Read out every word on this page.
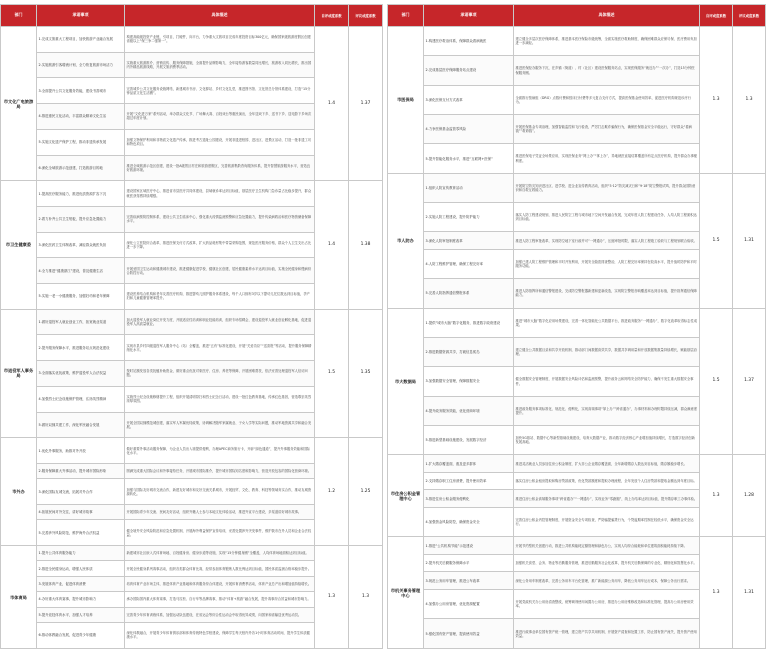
部门	承诺事项	具体描述	自评或度系数	评议或度系数
市文化广电旅游局	1.完成文旅重大工程项目，加快旅游产业融合发展	构建高能级投资产业链，引项目，打硬件，向平台，力争重大文旅项目完成年度投资目标300亿元，确保国家级旅游度假区创建省级以上“保三争二强第一”。	1.4	1.37
	2.实施旅游引客增流计划，全力恢复旅游市场活力	实施重大旅游推介、营销宣传、服务保障措施，全面提升品牌影响力，全年接待游客数量同比增长，旅游收入同比增长，推出国内外精品旅游线路，开展文旅消费季活动。		
	3.全面提升公共文化服务效能，建设书香城市	完善城乡公共文化服务设施网络，新建城市书房、文化驿站、乡村文化礼堂，推进图书馆、文化馆总分馆体系建设，打造“15分钟品质文化生活圈”。		
	4.推进惠民文化活动，丰富群众精神文化生活	开展“文化进万家”系列活动，举办群众文化节、广场舞大赛、百姓戏台等惠民演出，全年送戏下乡、送书下乡、送电影下乡场次超过年度计划。		
	5.实施文化遗产保护工程，推动非遗传承发展	加强文物保护利用和非物质文化遗产传承，推进考古遗址公园建设，开展非遗进校园、进社区、进景区活动，打造一批非遗工坊和特色项目。		
	6.深化全域旅游示范创建，打造旅游目的地	推进全域旅游示范区创建，建设一批A级景区村庄和旅游度假区，完善旅游集散咨询服务体系，提升智慧旅游服务水平，营造良好旅游环境。		
市卫生健康委	1.提高医疗服务能力，推进优质资源扩容下沉	建设国家区域医疗中心，推进省市县医疗共同体建设，县域就诊率达到目标值，基层医疗卫生机构门急诊量占比稳步提升，群众就医获得感持续增强。	1.4	1.38
	2.着力补齐公共卫生短板，提升应急处置能力	完善疾病预防控制体系，建设公共卫生临床中心，强化重大疫情监测预警和应急处置能力，提升传染病救治和医疗物资储备保障水平。		
	3.深化医药卫生体制改革，减轻群众就医负担	深化公立医院综合改革，推进医保支付方式改革，扩大药品耗材集中带量采购范围，规范医疗服务价格，群众个人卫生支出占比进一步下降。		
	4.全力推进“健康浙江”建设，普及健康生活	开展爱国卫生运动和健康城市建设，推进健康促进学校、健康社区创建，居民健康素养水平达到目标值，实施全民健身和慢病综合防控行动。		
	5.实施一老一小健康服务，加强妇幼和老年保障	建设医养结合机构和老年友善医疗机构，推进婴幼儿照护服务体系建设，每千人口拥有3岁以下婴幼儿托位数达到目标值，孕产妇和儿童健康管理率提升。		
市退役军人事务局	1.做好退役军人就业创业工作，拓宽就业渠道	加大退役军人就业岗位开发力度，开展适应性培训和职业技能培训，组织专场招聘会，建设退役军人就业创业孵化基地，促进退役军人高质量就业。	1.5	1.35
	2.提升服务保障水平，推进服务站点规范化建设	实现市县乡村四级退役军人服务中心（站）全覆盖，推进“五有”标准化建设，开展“关爱功臣”“送喜报”等活动，提升服务保障精细化水平。		
	3.全面落实优抚政策，维护退役军人合法权益	按时足额发放各类抚恤补助资金，做好重点优抚对象医疗、住房、养老等保障，开展困难帮扶，依法妥善处理退役军人信访问题。		
	4.加强烈士纪念设施保护管理，弘扬英烈精神	实施烈士纪念设施修缮提升工程，组织开展清明祭扫和烈士纪念日活动，建设一批红色教育基地，传承红色基因，营造尊崇英烈浓厚氛围。		
	5.做好双拥共建工作，深化军民融合发展	开展全国双拥模范城创建，落实军人军属优待政策，协调解决随军家属就业、子女入学等实际问题，推动军地资源共享和融合发展。		
市外办	1.优化外事服务，助推对外开放	做好重要外事活动服务保障，为企业人员出入境提供便利，办理APEC商务旅行卡，开辟“绿色通道”，提升外事服务效能和国际化水平。	1.2	1.25
	2.服务保障重大外事活动，提升城市国际形象	圆满完成重大国际会议和外事接待任务，开展城市国际推介，提升城市国际知名度和影响力，营造开放包容的国际化营商环境。		
	3.深化国际友城交流，拓展对外合作	加强与国际友好城市交流合作，新建友好城市和友好交流关系城市，开展经贸、文化、教育、科技等领域务实合作，推动友城资源转化。		
	4.拓展民间对外交往，讲好城市故事	开展国际青少年交流、民间友好活动，组织外籍人士参与本地文化体验活动，推进外宣平台建设，多渠道讲好城市故事。		
	5.完善涉外风险防范，维护海外合法权益	健全境外安全风险防范和应急处置机制，开展海外利益保护宣传培训，妥善处置涉外突发事件，维护我市在外人员和企业合法权益。		
市体育局	1.提升公共体育服务能力	新建城市社区嵌入式体育场地、百姓健身房、健身步道等设施，实现“15分钟健身圈”全覆盖，人均体育场地面积达到目标值。	1.3	1.3
	2.推进全民健身运动，增强人民体质	开展全民健身系列赛事活动，组织各类群众体育比赛，经常参加体育锻炼人数比例达到目标值，国民体质监测合格率稳步提升。		
	3.发展体育产业，促进体育消费	培育体育产业市场主体，推进体育产业基地和体育服务综合体建设，开展体育消费季活动，体育产业总产出和增加值持续增长。		
	4.办好重大体育赛事，提升城市影响力	承办国际国内重大体育赛事，打造马拉松、自行车等品牌赛事，推动“体育+旅游”融合发展，提升赛事综合效益和城市影响力。		
	5.提升竞技体育水平，加强人才培养	完善青少年体育训练体系，加强运动队伍建设，在省运会等综合性运动会中取得优异成绩，向国家和省输送优秀运动员。		
	6.推动体教融合发展，促进青少年健康	深化体教融合，开展青少年体育俱乐部和体育传统特色学校建设，保障学生每天校内外各1小时体育活动时间，提升学生体质健康水平。		
部门	承诺事项	具体描述	自评或度系数	评议或度系数
市医保局	1.构建医疗救治体系，保障群众看病就医	建立健全多层次医疗保障体系，推进基本医疗保险市级统筹，全面实施医疗救助制度，确保困难群众应保尽保、医疗费用负担进一步减轻。	1.3	1.3
	2.完成基层医疗保障服务站点建设	推进医保经办服务下沉，在乡镇（街道）、村（社区）建设医保服务站点，实现医保服务“就近办”“一次办”，打造15分钟医保服务圈。		
	3.深化医保支付方式改革	全面推行按病组（DRG）点数付费和按床日付费等多元复合支付方式，提高医保基金使用效率，促进医疗机构规范诊疗行为。		
	4.力争医保基金监管零风险	开展医保基金专项治理，加强智能监控和飞行检查，严厉打击欺诈骗保行为，确保医保基金安全平稳运行，守好群众“看病钱”“救命钱”。		
	5.提升智能化服务水平，推进“互联网+医保”	推进医保电子凭证全场景应用，实现医保业务“网上办”“掌上办”，异地就医直接结算覆盖所有定点医疗机构，提升群众办事便利度。		
市人防办	1.组织人防宣传教育活动	开展防空防灾知识进社区、进学校、进企业宣传教育活动，组织“5·12”防灾减灾日和“9·18”防空警报试鸣，提升群众国防意识和自救互救能力。	1.5	1.31
	2.实施人防工程建设，提升防护能力	落实人防工程建设规划，推进人民防空工程与城市地下空间开发融合发展，完成年度人防工程建设任务，人均人防工程面积达到目标值。		
	3.深化人防审批制度改革	推进人防工程审批改革，实现防空地下室行政许可“一网通办”，压缩审批时限，落实人防工程竣工验收与工程规划联合验收。		
	4.人防工程维护管理，确保工程完好率	加强已建人防工程维护管理和平时开发利用，开展安全隐患排查整治，人防工程完好率保持在较高水平，提升战时防护和平时服务功能。		
	5.完善人防指挥通信警报体系	推进人防指挥所和通信警报建设，完成防空警报器新建和更新改造，实现防空警报音响覆盖率达到目标值，提升指挥通信保障能力。		
市大数据局	1.提供“城市大脑”数字化服务，推进数字政府建设	推进“城市大脑”数字化应用场景建设，完善一体化智能化公共数据平台，推进政务服务“一网通办”，数字化改革取得标志性成果。	1.5	1.37
	2.推进数据资源共享，打破信息孤岛	建立健全公共数据目录和共享开放机制，推动部门间数据高效共享，数据共享调用量和开放数据集数量持续增长，赋能基层治理。		
	3.加强数据安全管理，保障数据安全	健全数据安全管理制度，开展数据安全风险评估和监测预警，提升政务云和网络安全防护能力，确保不发生重大数据安全事件。		
	4.提升政务服务效能，优化营商环境	推进政务服务事项标准化、规范化、便利化，实现高频事项“掌上办”“跨省通办”，办事材料和办理时限持续压减，群众满意度提升。		
	5.推进新型基础设施建设，发展数字经济	加快5G基站、数据中心等新型基础设施建设，培育大数据产业，推动数字经济核心产业增加值持续增长，打造数字经济创新发展高地。		
市住房公积金管理中心	1.扩大缴存覆盖面，惠及更多群体	推进灵活就业人员参加住房公积金制度，扩大非公企业缴存覆盖面，全年新增缴存人数达到目标值，缴存额稳步增长。	1.3	1.28
	2.支持缴存职工住房消费，提升使用效率	落实住房公积金租房提取和购房贷款政策，优化贷款额度和提取办理流程，全年发放个人住房贷款和提取金额达到年度目标。		
	3.推进住房公积金服务便利化	推进住房公积金高频服务事项“跨省通办”“一网通办”，实现业务“零跑腿”，线上办结率达到目标值，提升缴存职工办事体验。		
	4.加强资金风险防控，确保资金安全	完善住房公积金内控管理制度，开展资金安全专项检查，严防骗提骗贷行为，个贷逾期率控制在较低水平，确保资金安全运行。		
市机关事务管理中心	1.推进“公共机构节能”示范建设	开展节约型机关创建行动，推进公共机构能耗定额管理和绿色办公，实现人均综合能耗和单位建筑面积能耗持续下降。	1.3	1.31
	2.提升机关后勤服务保障水平	加强机关食堂、会务、物业等后勤服务管理，推进后勤服务社会化改革，提升机关后勤保障的专业化、精细化和智慧化水平。		
	3.规范公务用车管理，推进公车改革	深化公务用车制度改革，完善公务用车平台化管理，推广新能源公务用车，降低公务用车运行成本，保障公务出行需求。		
	4.加强办公用房管理，优化资源配置	开展党政机关办公用房清查整改，统筹调剂使用闲置办公用房，推进办公用房维修改造和标准化管理，提高办公用房使用效率。		
	5.强化国有资产管理，提高使用效益	推进行政事业单位国有资产统一管理，建立资产共享共用机制，开展资产清查和处置工作，防止国有资产流失，提升资产使用效益。		
